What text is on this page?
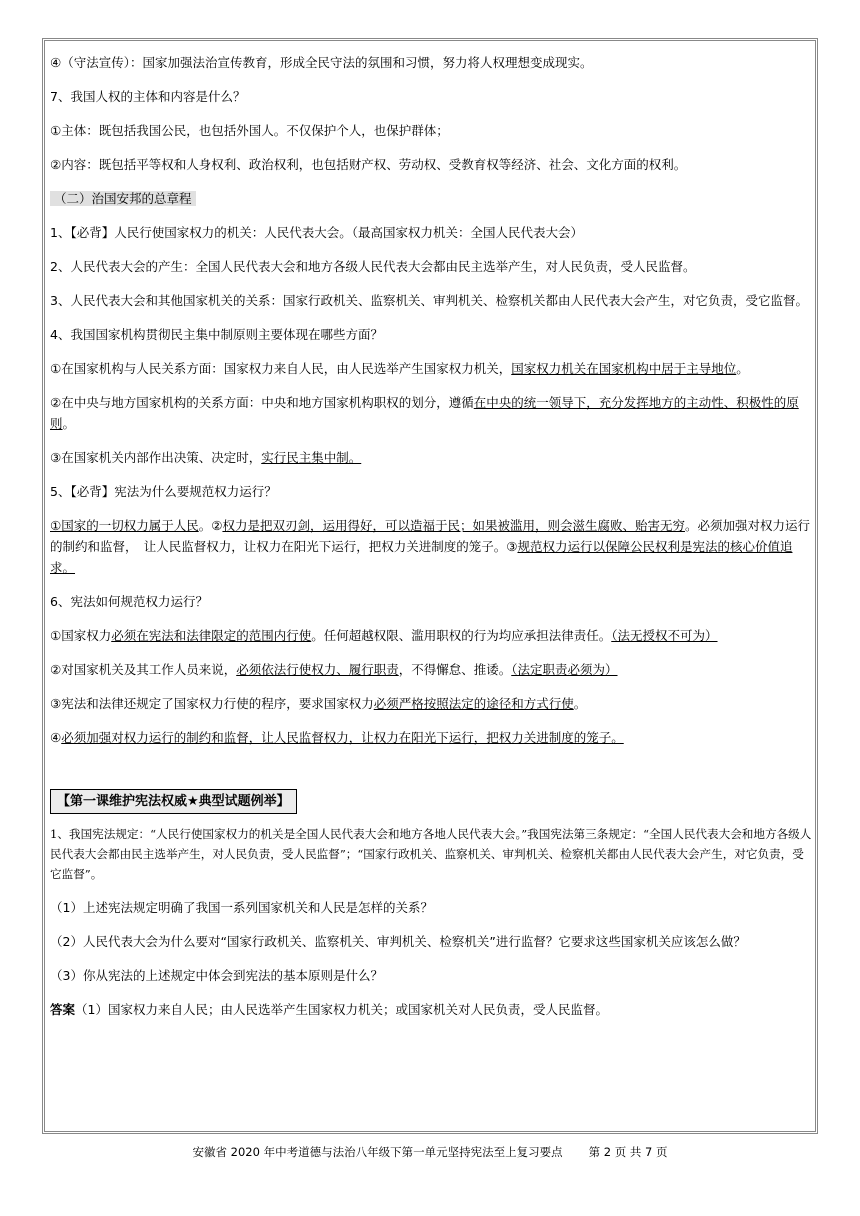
④（守法宣传）：国家加强法治宣传教育，形成全民守法的氛围和习惯，努力将人权理想变成现实。

7、我国人权的主体和内容是什么？

①主体：既包括我国公民，也包括外国人。不仅保护个人，也保护群体；

②内容：既包括平等权和人身权利、政治权利，也包括财产权、劳动权、受教育权等经济、社会、文化方面的权利。

（二）治国安邦的总章程

1、【必背】人民行使国家权力的机关：人民代表大会。（最高国家权力机关：全国人民代表大会）

2、人民代表大会的产生：全国人民代表大会和地方各级人民代表大会都由民主选举产生，对人民负责，受人民监督。

3、人民代表大会和其他国家机关的关系：国家行政机关、监察机关、审判机关、检察机关都由人民代表大会产生，对它负责，受它监督。

4、我国国家机构贯彻民主集中制原则主要体现在哪些方面？

①在国家机构与人民关系方面：国家权力来自人民，由人民选举产生国家权力机关，国家权力机关在国家机构中居于主导地位。

②在中央与地方国家机构的关系方面：中央和地方国家机构职权的划分，遵循在中央的统一领导下，充分发挥地方的主动性、积极性的原则。

③在国家机关内部作出决策、决定时，实行民主集中制。

5、【必背】宪法为什么要规范权力运行？

①国家的一切权力属于人民。②权力是把双刃剑，运用得好，可以造福于民；如果被滥用，则会滋生腐败、贻害无穷。必须加强对权力运行的制约和监督，　让人民监督权力，让权力在阳光下运行，把权力关进制度的笼子。③规范权力运行以保障公民权利是宪法的核心价值追求。

6、宪法如何规范权力运行？

①国家权力必须在宪法和法律限定的范围内行使。任何超越权限、滥用职权的行为均应承担法律责任。（法无授权不可为）

②对国家机关及其工作人员来说，必须依法行使权力、履行职责，不得懈怠、推诿。（法定职责必须为）

③宪法和法律还规定了国家权力行使的程序，要求国家权力必须严格按照法定的途径和方式行使。

④必须加强对权力运行的制约和监督，让人民监督权力，让权力在阳光下运行，把权力关进制度的笼子。

【第一课维护宪法权威★典型试题例举】

1、我国宪法规定：“人民行使国家权力的机关是全国人民代表大会和地方各地人民代表大会。”我国宪法第三条规定：“全国人民代表大会和地方各级人民代表大会都由民主选举产生，对人民负责，受人民监督”；“国家行政机关、监察机关、审判机关、检察机关都由人民代表大会产生，对它负责，受它监督”。

（1）上述宪法规定明确了我国一系列国家机关和人民是怎样的关系？

（2）人民代表大会为什么要对“国家行政机关、监察机关、审判机关、检察机关”进行监督？它要求这些国家机关应该怎么做？

（3）你从宪法的上述规定中体会到宪法的基本原则是什么？

答案（1）国家权力来自人民；由人民选举产生国家权力机关；或国家机关对人民负责，受人民监督。

安徽省 2020 年中考道德与法治八年级下第一单元坚持宪法至上复习要点 第 2 页 共 7 页
